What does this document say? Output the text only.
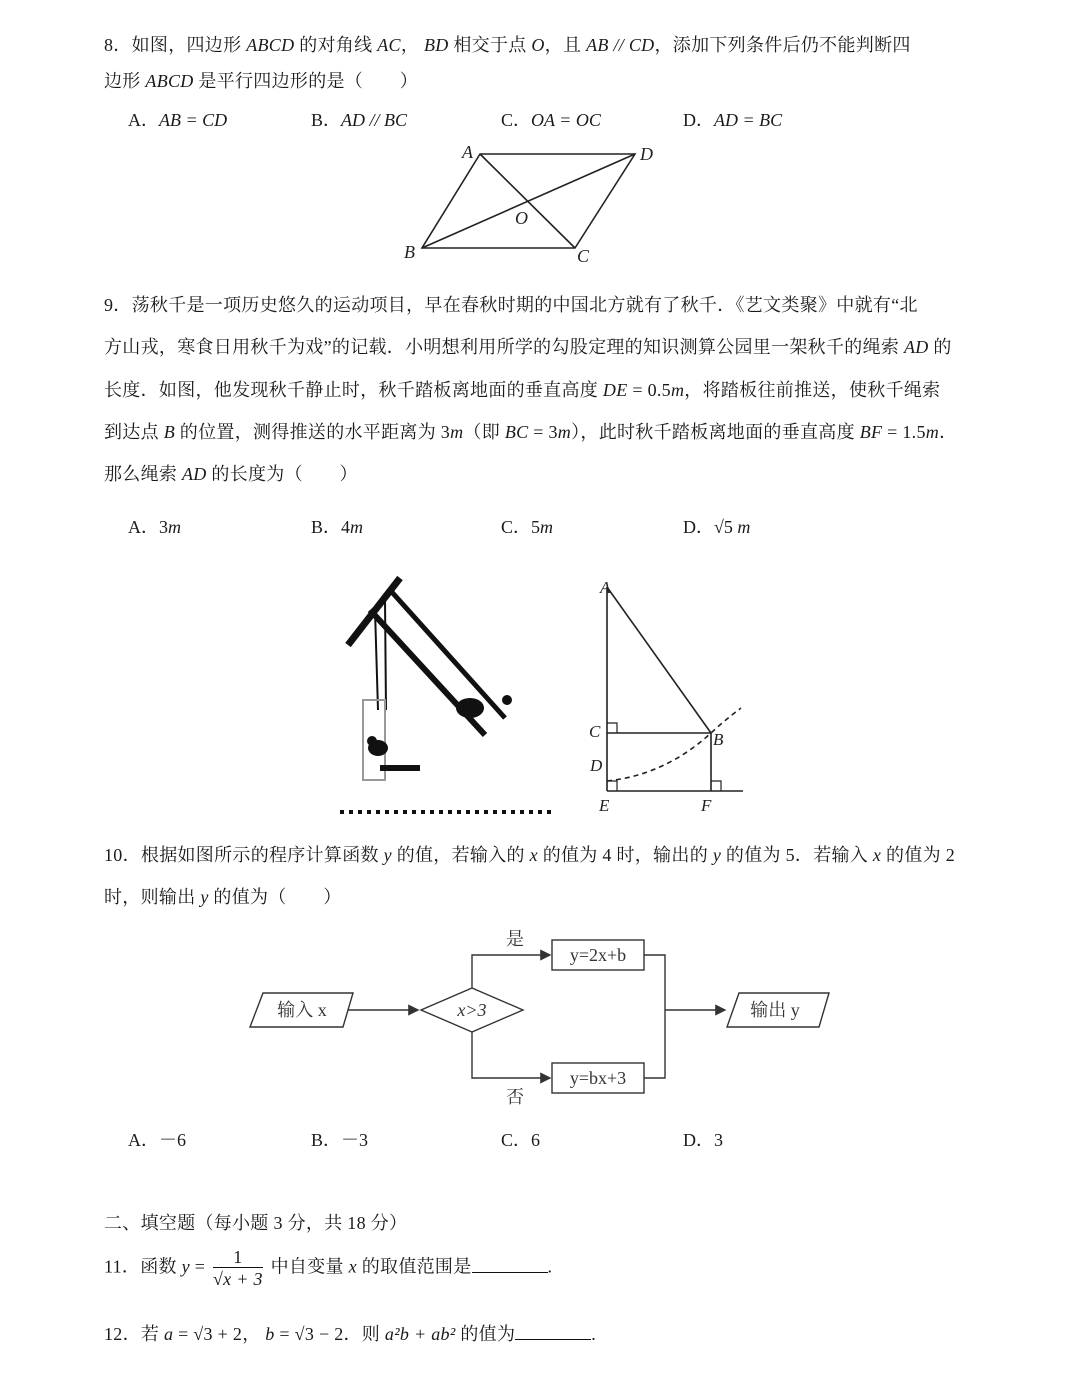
8．如图，四边形 ABCD 的对角线 AC， BD 相交于点 O，且 AB // CD，添加下列条件后仍不能判断四
边形 ABCD 是平行四边形的是（　　）
A．AB = CD	B．AD // BC	C．OA = OC	D．AD = BC
A	D
O
B	C
9．荡秋千是一项历史悠久的运动项目，早在春秋时期的中国北方就有了秋千．《艺文类聚》中就有“北
方山戎，寒食日用秋千为戏”的记载．小明想利用所学的勾股定理的知识测算公园里一架秋千的绳索 AD 的
长度．如图，他发现秋千静止时，秋千踏板离地面的垂直高度 DE = 0.5m，将踏板往前推送，使秋千绳索
到达点 B 的位置，测得推送的水平距离为 3m（即 BC = 3m），此时秋千踏板离地面的垂直高度 BF = 1.5m．
那么绳索 AD 的长度为（　　）
A．3m	B．4m	C．5m	D．√5 m
A
C	B
D
E	F
10．根据如图所示的程序计算函数 y 的值，若输入的 x 的值为 4 时，输出的 y 的值为 5．若输入 x 的值为 2
时，则输出 y 的值为（　　）
输入 x	x>3
是
否
y=2x+b
y=bx+3
输出 y
A．－6	B．－3	C．6	D．3
二、填空题（每小题 3 分，共 18 分）
11．函数 $y = \frac{1}{√x + 3}$ 中自变量 x 的取值范围是	.
12．若 a = √3 + 2， b = √3 − 2．则 a²b + ab² 的值为	.
